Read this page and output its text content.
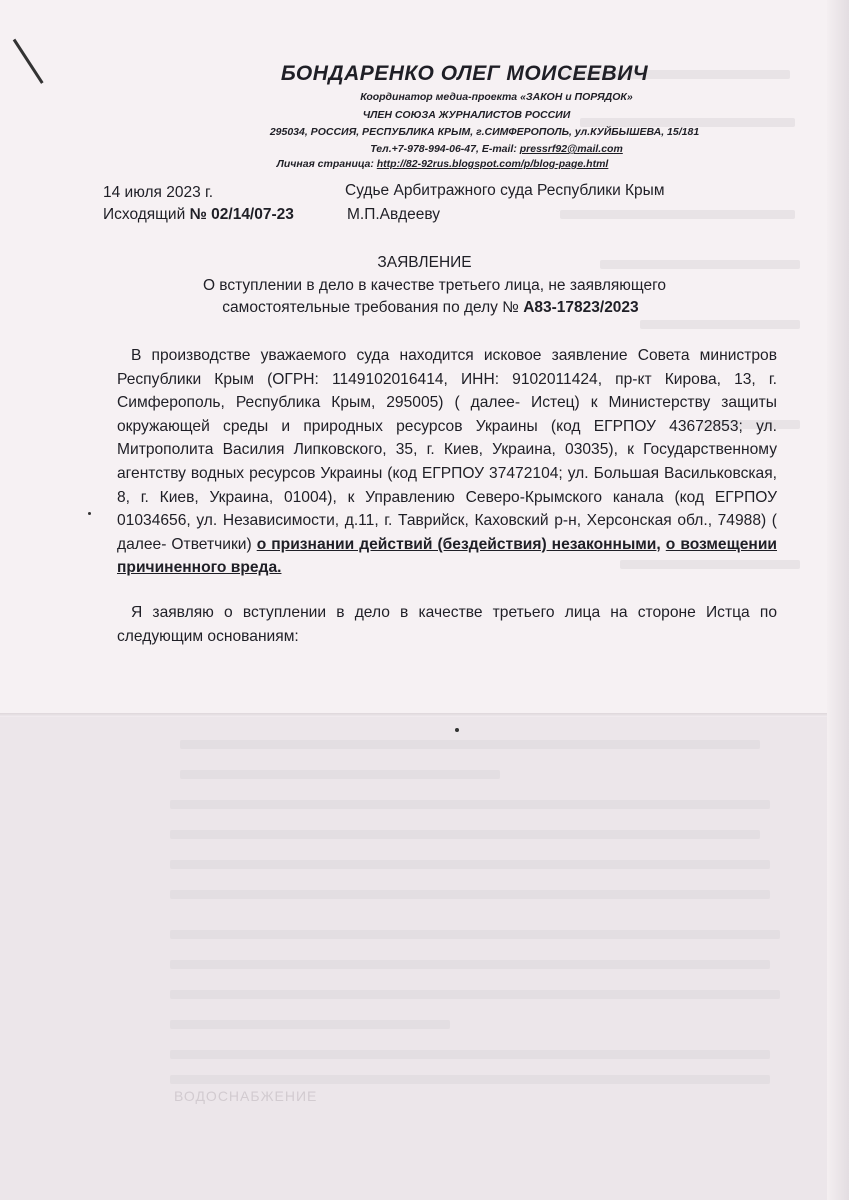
ВОДОСНАБЖЕНИЕ
БОНДАРЕНКО ОЛЕГ МОИСЕЕВИЧ
Координатор медиа-проекта «ЗАКОН и ПОРЯДОК»
ЧЛЕН СОЮЗА ЖУРНАЛИСТОВ РОССИИ
295034, РОССИЯ, РЕСПУБЛИКА КРЫМ, г.СИМФЕРОПОЛЬ, ул.КУЙБЫШЕВА, 15/181
Тел.+7-978-994-06-47, E-mail: pressrf92@mail.com
Личная страница: http://82-92rus.blogspot.com/p/blog-page.html
14 июля 2023 г.
Исходящий № 02/14/07-23
Судье Арбитражного суда Республики Крым
М.П.Авдееву
ЗАЯВЛЕНИЕ
О вступлении в дело в качестве третьего лица, не заявляющего
самостоятельные требования по делу № А83-17823/2023

В производстве уважаемого суда находится исковое заявление Совета министров Республики Крым (ОГРН: 1149102016414, ИНН: 9102011424, пр-кт Кирова, 13, г. Симферополь, Республика Крым, 295005) ( далее- Истец) к Министерству защиты окружающей среды и природных ресурсов Украины (код ЕГРПОУ 43672853; ул. Митрополита Василия Липковского, 35, г. Киев, Украина, 03035), к Государственному агентству водных ресурсов Украины (код ЕГРПОУ 37472104; ул. Большая Васильковская, 8, г. Киев, Украина, 01004), к Управлению Северо-Крымского канала (код ЕГРПОУ 01034656, ул. Независимости, д.11, г. Таврийск, Каховский р-н, Херсонская обл., 74988) ( далее- Ответчики) о признании действий (бездействия) незаконными, о возмещении причиненного вреда.

Я заявляю о вступлении в дело в качестве третьего лица на стороне Истца по следующим основаниям:
